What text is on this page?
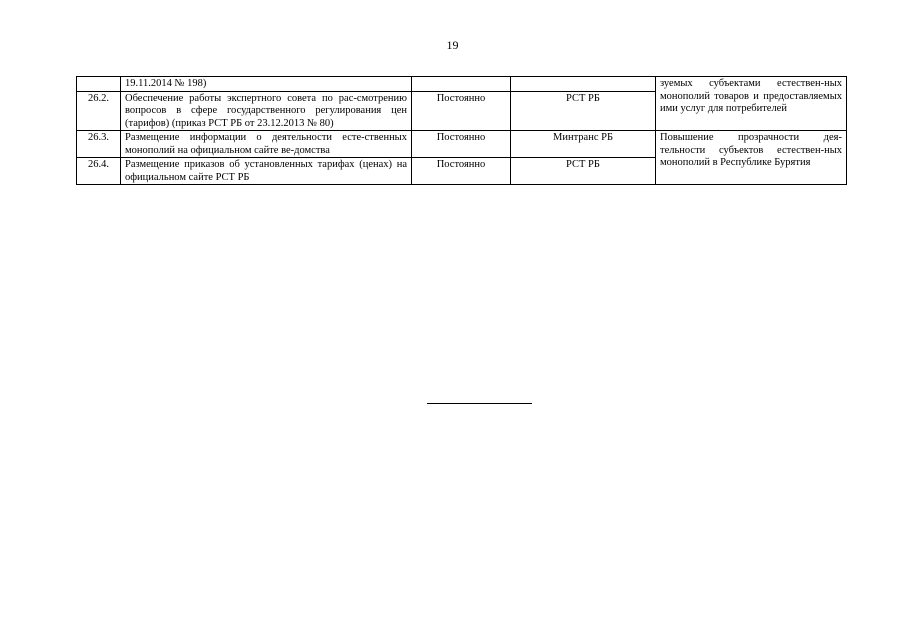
19
	19.11.2014 № 198)			зуемых субъектами естествен-ных монополий товаров и предоставляемых ими услуг для потребителей
26.2.	Обеспечение работы экспертного совета по рас-смотрению вопросов в сфере государственного регулирования цен (тарифов) (приказ РСТ РБ от 23.12.2013 № 80)	Постоянно	РСТ РБ	
26.3.	Размещение информации о деятельности есте-ственных монополий на официальном сайте ве-домства	Постоянно	Минтранс РБ	Повышение прозрачности дея-тельности субъектов естествен-ных монополий в Республике Бурятия
26.4.	Размещение приказов об установленных тарифах (ценах) на официальном сайте РСТ РБ	Постоянно	РСТ РБ	
